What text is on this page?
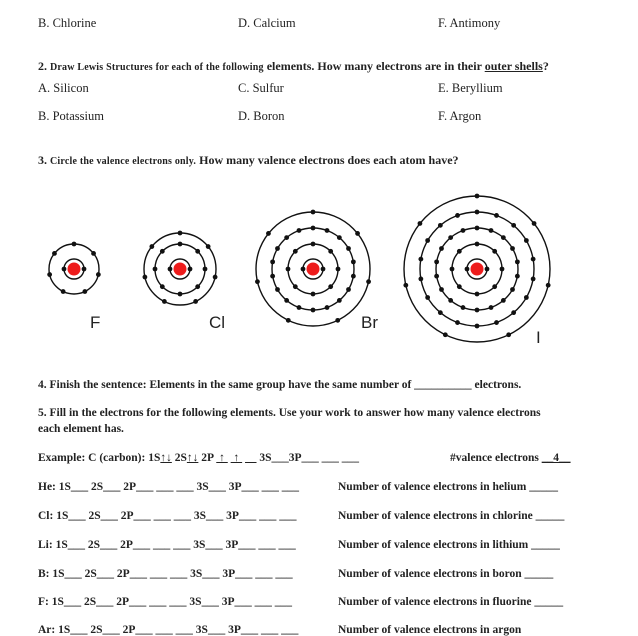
B. Chlorine	D. Calcium	F. Antimony
2. Draw Lewis Structures for each of the following elements. How many electrons are in their outer shells?
A. Silicon	C. Sulfur	E. Beryllium
B. Potassium	D. Boron	F. Argon
3. Circle the valence electrons only. How many valence electrons does each atom have?
F	Cl	Br
I
4. Finish the sentence: Elements in the same group have the same number of __________ electrons.
5. Fill in the electrons for the following elements. Use your work to answer how many valence electrons
each element has.
Example: C (carbon): 1S↑↓ 2S↑↓ 2P  ↑   ↑       3S___3P___ ___ ___	#valence electrons __4__
He: 1S___ 2S___ 2P___ ___ ___ 3S___ 3P___ ___ ___	Number of valence electrons in helium _____
Cl: 1S___ 2S___ 2P___ ___ ___ 3S___ 3P___ ___ ___	Number of valence electrons in chlorine _____
Li: 1S___ 2S___ 2P___ ___ ___ 3S___ 3P___ ___ ___	Number of valence electrons in lithium _____
B: 1S___ 2S___ 2P___ ___ ___ 3S___ 3P___ ___ ___	Number of valence electrons in boron _____
F: 1S___ 2S___ 2P___ ___ ___ 3S___ 3P___ ___ ___	Number of valence electrons in fluorine _____
Ar: 1S___ 2S___ 2P___ ___ ___ 3S___ 3P___ ___ ___	Number of valence electrons in argon
